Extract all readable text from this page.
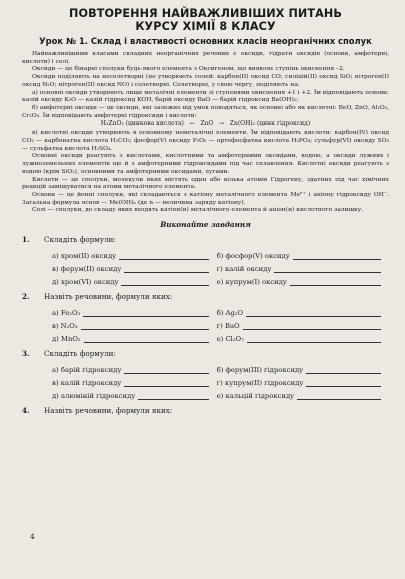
ПОВТОРЕННЯ НАЙВАЖЛИВІШИХ ПИТАНЬ
КУРСУ ХІМІЇ 8 КЛАСУ
Урок № 1. Склад і властивості основних класів неорганічних сполук

Найважливішими класами складних неорганічних речовин є оксиди, гідрати оксидів (основи, амфотерні, кислоти) і солі.

Оксиди — це бінарні сполуки будь-якого елемента з Оксигеном, що виявляє ступінь окиснення –2.

Оксиди поділяють на несолетворні (не утворюють солей: карбон(II) оксид CO; силіцій(II) оксид SiO; нітроген(I) оксид N₂O; нітроген(II) оксид NO) і солетворні. Солетворні, у свою чергу, поділяють на:

а) основні оксиди утворюють лише металічні елементи зі ступенями окиснення +1 і +2. Їм відповідають основи: калій оксиду K₂O — калій гідроксид KOH, барій оксиду BaO — барій гідроксид Ba(OH)₂;

б) амфотерні оксиди — це оксиди, які залежно від умов поводяться, як основні або як кислотні: BeO, ZnO, Al₂O₃, Cr₂O₃. Їм відповідають амфотерні гідроксиди і кислоти:

H₂ZnO₂ (цинкова кислота)   ←   ZnO   →   Zn(OH)₂ (цинк гідроксид)

в) кислотні оксиди утворюють в основному неметалічні елементи. Їм відповідають кислоти: карбон(IV) оксид CO₂ — карбонатна кислота H₂CO₃; фосфор(V) оксиду P₂O₅ — ортофосфатна кислота H₃PO₄; сульфур(VI) оксиду SO₃ — сульфатна кислота H₂SO₄.

Основні оксиди реагують з кислотами, кислотними та амфотерними оксидами, водою, а оксиди лужних і лужноземельних елементів ще й з амфотерними гідроксидами під час сплавлення. Кислотні оксиди реагують з водою (крім SiO₂), основними та амфотерними оксидами, лугами.

Кислоти — це сполуки, молекули яких містять один або кілька атомів Гідрогену, здатних під час хімічних реакцій заміщуватися на атоми металічного елемента.

Основи — це йонні сполуки, які складаються з катіону металічного елемента Meⁿ⁺ і аніону гідроксиду OH⁻. Загальна формула основ — Me(OH)ₙ (де n — величина заряду катіону).

Солі — сполуки, до складу яких входять катіон(и) металічного елемента й аніон(и) кислотного залишку.

Виконайте завдання
1.	Складіть формули:
а) хром(II) оксиду	б) фосфор(V) оксиду
в) ферум(II) оксиду	г) калій оксиду
д) хром(VI) оксиду	е) купрум(I) оксиду
2.	Назвіть речовини, формули яких:
а) Fe₂O₃	б) Ag₂O
в) N₂O₃	г) BaO
д) MnO₂	е) Cl₂O₇
3.	Складіть формули:
а) барій гідроксиду	б) ферум(III) гідроксиду
в) калій гідроксиду	г) купрум(II) гідроксиду
д) алюміній гідроксиду	е) кальцій гідроксиду
4.	Назвіть речовини, формули яких:
4
